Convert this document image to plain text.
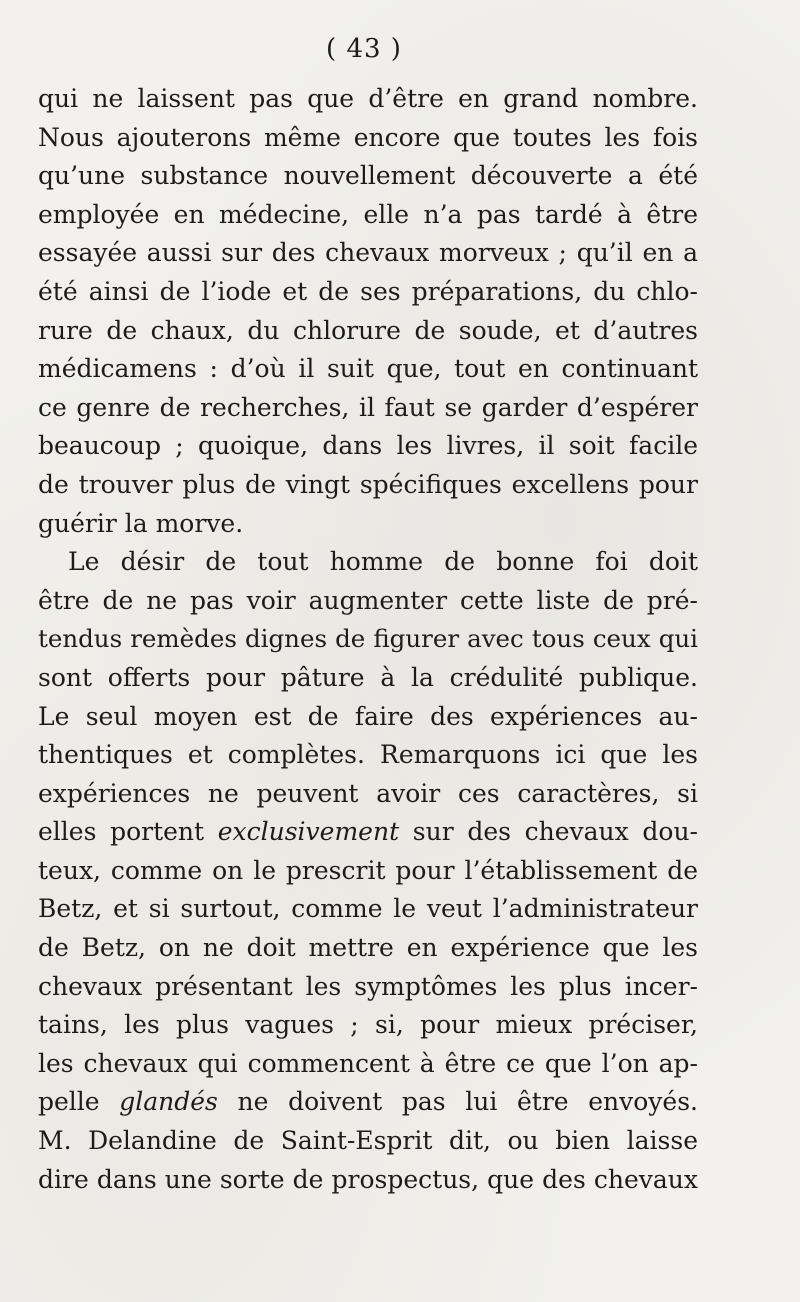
( 43 )
qui ne laissent pas que d’être en grand nombre.
Nous ajouterons même encore que toutes les fois
qu’une substance nouvellement découverte a été
employée en médecine, elle n’a pas tardé à être
essayée aussi sur des chevaux morveux ; qu’il en a
été ainsi de l’iode et de ses préparations, du chlo-
rure de chaux, du chlorure de soude, et d’autres
médicamens : d’où il suit que, tout en continuant
ce genre de recherches, il faut se garder d’espérer
beaucoup ; quoique, dans les livres, il soit facile
de trouver plus de vingt spécifiques excellens pour
guérir la morve.
Le désir de tout homme de bonne foi doit
être de ne pas voir augmenter cette liste de pré-
tendus remèdes dignes de figurer avec tous ceux qui
sont offerts pour pâture à la crédulité publique.
Le seul moyen est de faire des expériences au-
thentiques et complètes. Remarquons ici que les
expériences ne peuvent avoir ces caractères, si
elles portent exclusivement sur des chevaux dou-
teux, comme on le prescrit pour l’établissement de
Betz, et si surtout, comme le veut l’administrateur
de Betz, on ne doit mettre en expérience que les
chevaux présentant les symptômes les plus incer-
tains, les plus vagues ; si, pour mieux préciser,
les chevaux qui commencent à être ce que l’on ap-
pelle glandés ne doivent pas lui être envoyés.
M. Delandine de Saint-Esprit dit, ou bien laisse
dire dans une sorte de prospectus, que des chevaux
